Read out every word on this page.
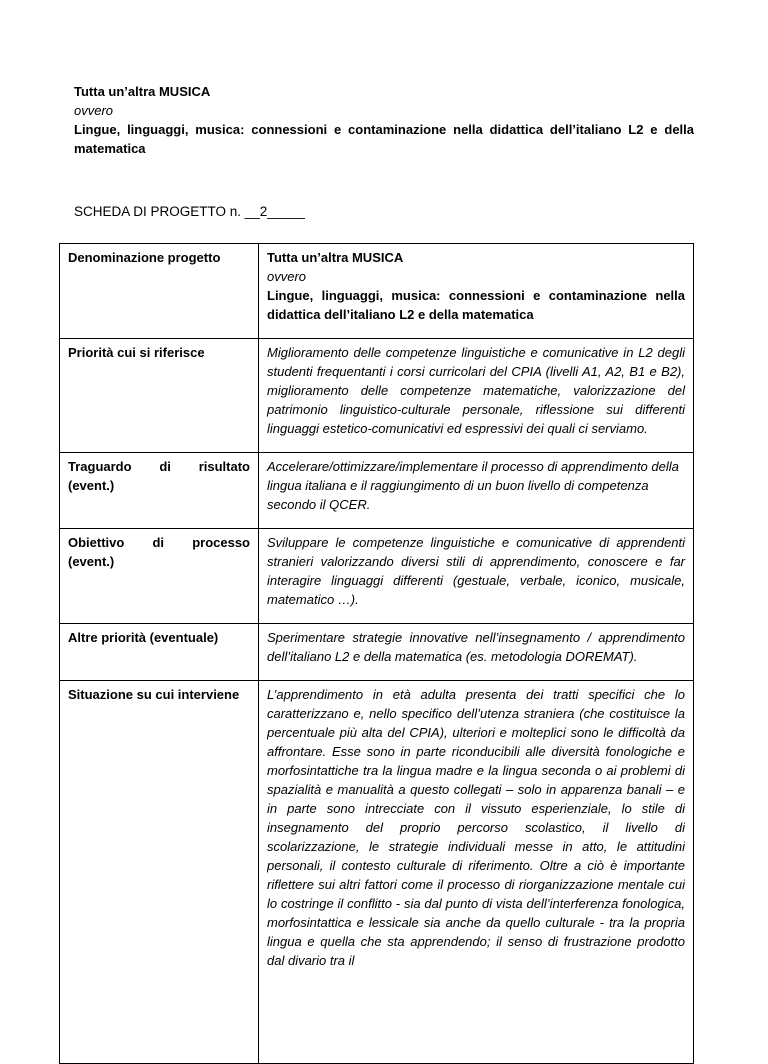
Tutta un’altra MUSICA
ovvero
Lingue, linguaggi, musica: connessioni e contaminazione nella didattica dell’italiano L2 e della matematica
SCHEDA DI PROGETTO n. __2_____
Denominazione progetto	Tutta un’altra MUSICA
ovvero
Lingue, linguaggi, musica: connessioni e contaminazione nella didattica dell’italiano L2 e della matematica

Priorità cui si riferisce	Miglioramento delle competenze linguistiche e comunicative in L2 degli studenti frequentanti i corsi curricolari del CPIA (livelli A1, A2, B1 e B2), miglioramento delle competenze matematiche, valorizzazione del patrimonio linguistico-culturale personale, riflessione sui differenti linguaggi estetico-comunicativi ed espressivi dei quali ci serviamo.
Traguardo di risultato (event.)	Accelerare/ottimizzare/implementare il processo di apprendimento della lingua italiana e il raggiungimento di un buon livello di competenza secondo il QCER.
Obiettivo di processo (event.)	Sviluppare le competenze linguistiche e comunicative di apprendenti stranieri valorizzando diversi stili di apprendimento, conoscere e far interagire linguaggi differenti (gestuale, verbale, iconico, musicale, matematico …).
Altre priorità (eventuale)	Sperimentare strategie innovative nell’insegnamento / apprendimento dell’italiano L2 e della matematica (es. metodologia DOREMAT).
Situazione su cui interviene	L’apprendimento in età adulta presenta dei tratti specifici che lo caratterizzano e, nello specifico dell’utenza straniera (che costituisce la percentuale più alta del CPIA), ulteriori e molteplici sono le difficoltà da affrontare. Esse sono in parte riconducibili alle diversità fonologiche e morfosintattiche tra la lingua madre e la lingua seconda o ai problemi di spazialità e manualità a questo collegati – solo in apparenza banali – e in parte sono intrecciate con il vissuto esperienziale, lo stile di insegnamento del proprio percorso scolastico, il livello di scolarizzazione, le strategie individuali messe in atto, le attitudini personali, il contesto culturale di riferimento. Oltre a ciò è importante riflettere sui altri fattori come il processo di riorganizzazione mentale cui lo costringe il conflitto - sia dal punto di vista dell’interferenza fonologica, morfosintattica e lessicale sia anche da quello culturale - tra la propria lingua e quella che sta apprendendo; il senso di frustrazione prodotto dal divario tra il
